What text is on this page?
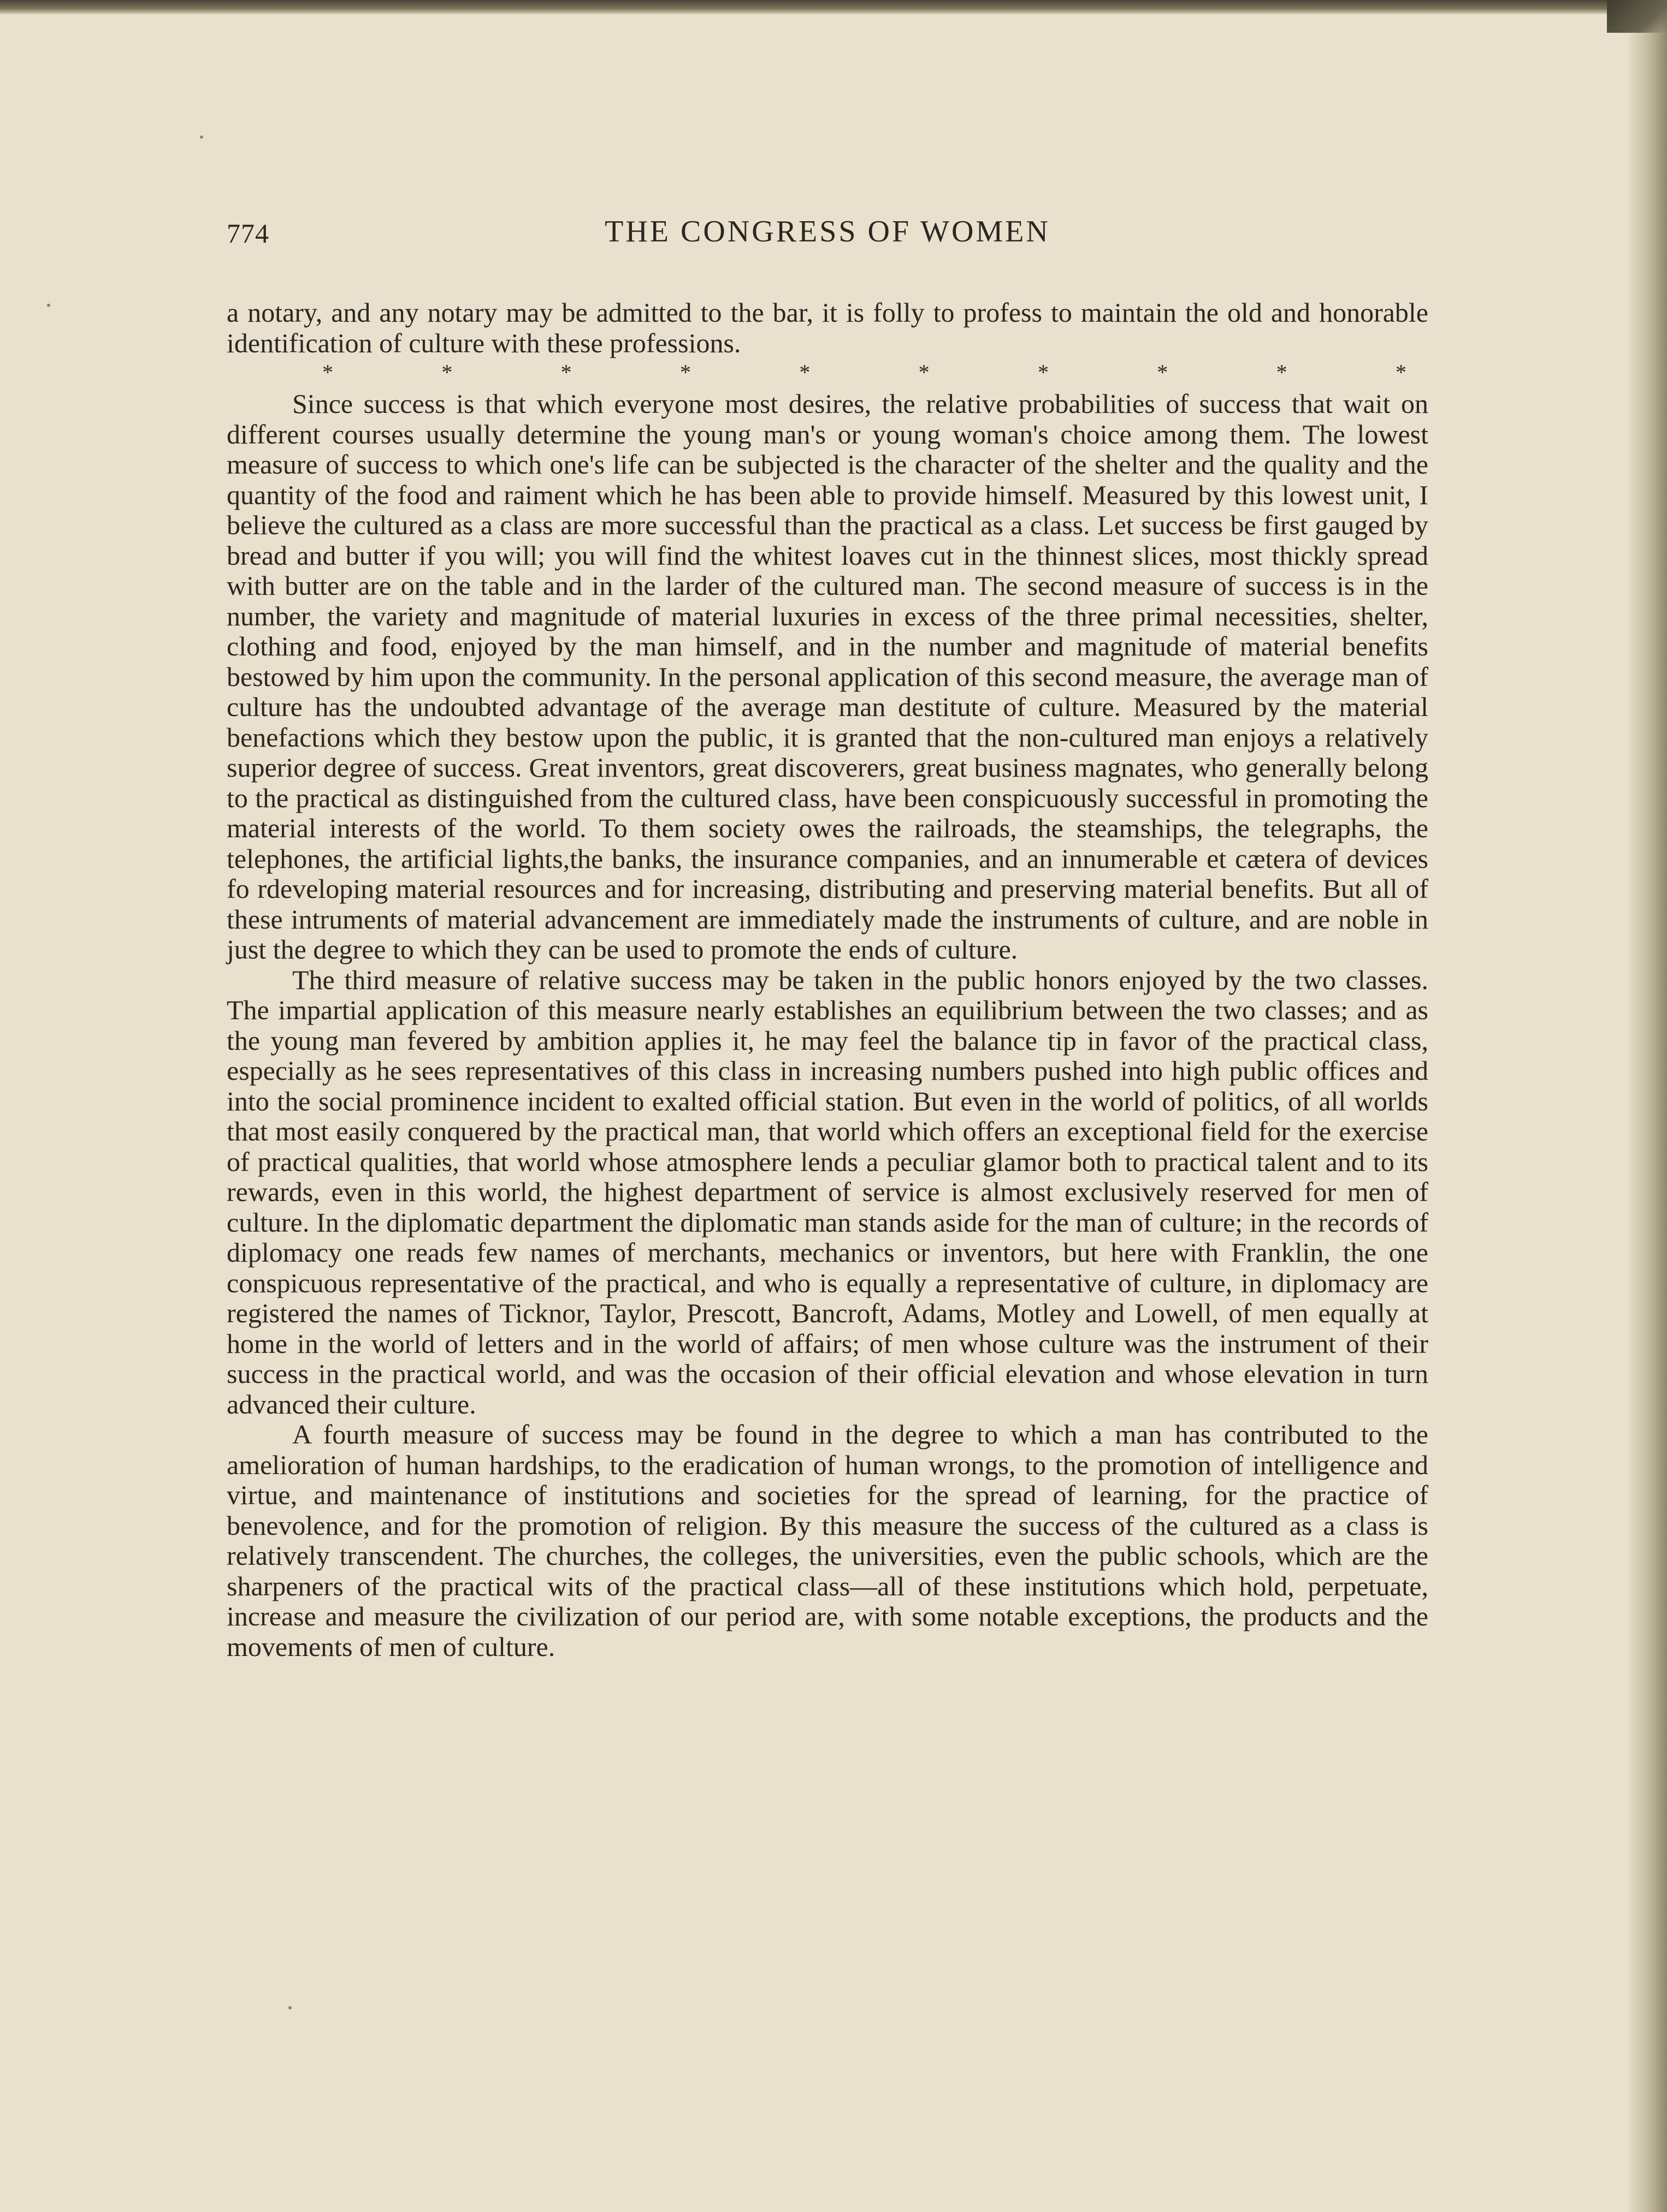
THE CONGRESS OF WOMEN
774

a notary, and any notary may be admitted to the bar, it is folly to profess to maintain the old and honorable identification of culture with these professions.

*	*	*	*	*	*	*	*	*	*

Since success is that which everyone most desires, the relative probabilities of success that wait on different courses usually determine the young man's or young woman's choice among them. The lowest measure of success to which one's life can be subjected is the character of the shelter and the quality and the quantity of the food and raiment which he has been able to provide himself. Measured by this lowest unit, I believe the cultured as a class are more successful than the practical as a class. Let success be first gauged by bread and butter if you will; you will find the whitest loaves cut in the thinnest slices, most thickly spread with butter are on the table and in the larder of the cultured man. The second measure of success is in the number, the variety and magnitude of material luxuries in excess of the three primal necessities, shelter, clothing and food, enjoyed by the man himself, and in the number and magnitude of material benefits bestowed by him upon the community. In the personal application of this second measure, the average man of culture has the undoubted advantage of the average man destitute of culture. Measured by the material benefactions which they bestow upon the public, it is granted that the non-cultured man enjoys a relatively superior degree of success. Great inventors, great discoverers, great business magnates, who generally belong to the practical as distinguished from the cultured class, have been conspicuously successful in promoting the material interests of the world. To them society owes the railroads, the steamships, the telegraphs, the telephones, the artificial lights,the banks, the insurance companies, and an innumerable et cætera of devices fo rdeveloping material resources and for increasing, distributing and preserving material benefits. But all of these intruments of material advancement are immediately made the instruments of culture, and are noble in just the degree to which they can be used to promote the ends of culture.

The third measure of relative success may be taken in the public honors enjoyed by the two classes. The impartial application of this measure nearly establishes an equilibrium between the two classes; and as the young man fevered by ambition applies it, he may feel the balance tip in favor of the practical class, especially as he sees representatives of this class in increasing numbers pushed into high public offices and into the social prominence incident to exalted official station. But even in the world of politics, of all worlds that most easily conquered by the practical man, that world which offers an exceptional field for the exercise of practical qualities, that world whose atmosphere lends a peculiar glamor both to practical talent and to its rewards, even in this world, the highest department of service is almost exclusively reserved for men of culture. In the diplomatic department the diplomatic man stands aside for the man of culture; in the records of diplomacy one reads few names of merchants, mechanics or inventors, but here with Franklin, the one conspicuous representative of the practical, and who is equally a representative of culture, in diplomacy are registered the names of Ticknor, Taylor, Prescott, Bancroft, Adams, Motley and Lowell, of men equally at home in the world of letters and in the world of affairs; of men whose culture was the instrument of their success in the practical world, and was the occasion of their official elevation and whose elevation in turn advanced their culture.

A fourth measure of success may be found in the degree to which a man has contributed to the amelioration of human hardships, to the eradication of human wrongs, to the promotion of intelligence and virtue, and maintenance of institutions and societies for the spread of learning, for the practice of benevolence, and for the promotion of religion. By this measure the success of the cultured as a class is relatively transcendent. The churches, the colleges, the universities, even the public schools, which are the sharpeners of the practical wits of the practical class—all of these institutions which hold, perpetuate, increase and measure the civilization of our period are, with some notable exceptions, the products and the movements of men of culture.
